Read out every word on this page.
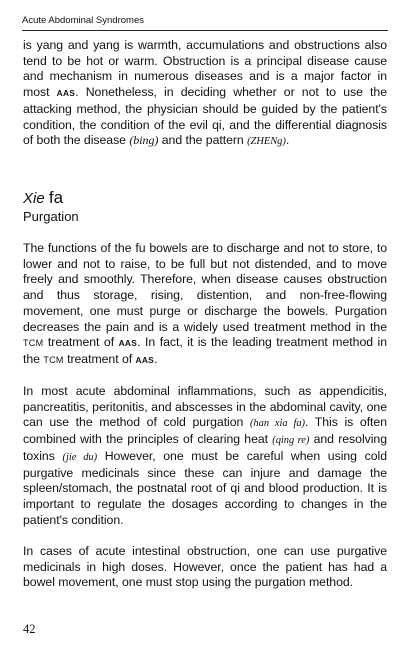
Acute Abdominal Syndromes
is yang and yang is warmth, accumulations and obstructions also tend to be hot or warm. Obstruction is a principal disease cause and mechanism in numerous diseases and is a major factor in most AAS. Nonetheless, in deciding whether or not to use the attacking method, the physician should be guided by the patient's condition, the condition of the evil qi, and the differential diagnosis of both the disease (bing) and the pattern (ZHENg).
Xie fa
Purgation
The functions of the fu bowels are to discharge and not to store, to lower and not to raise, to be full but not distended, and to move freely and smoothly. Therefore, when disease causes obstruction and thus storage, rising, distention, and non-free-flowing movement, one must purge or discharge the bowels. Purgation decreases the pain and is a widely used treatment method in the TCM treatment of AAS. In fact, it is the leading treatment method in the TCM treatment of AAS.
In most acute abdominal inflammations, such as appendicitis, pancreatitis, peritonitis, and abscesses in the abdominal cavity, one can use the method of cold purgation (han xia fa). This is often combined with the principles of clearing heat (qing re) and resolving toxins (jie du) However, one must be careful when using cold purgative medicinals since these can injure and damage the spleen/stomach, the postnatal root of qi and blood production. It is important to regulate the dosages according to changes in the patient's condition.
In cases of acute intestinal obstruction, one can use purgative medicinals in high doses. However, once the patient has had a bowel movement, one must stop using the purgation method.
42
